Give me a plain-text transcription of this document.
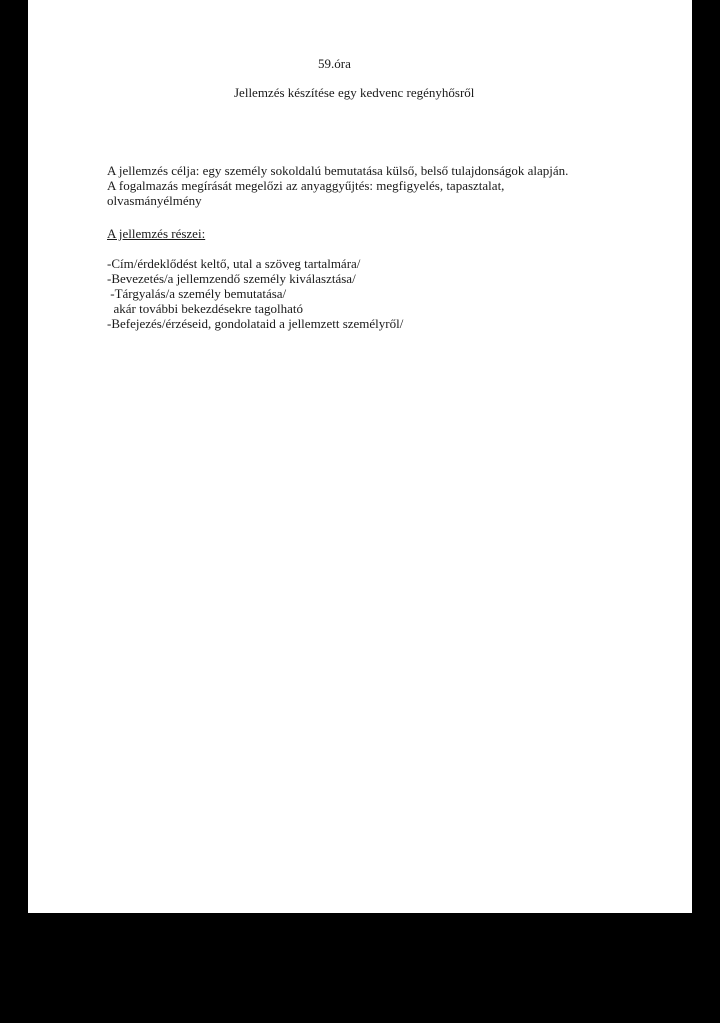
59.óra

Jellemzés készítése egy kedvenc regényhősről

A jellemzés célja: egy személy sokoldalú bemutatása külső, belső tulajdonságok alapján.

A fogalmazás megírását megelőzi az anyaggyűjtés: megfigyelés, tapasztalat,

olvasmányélmény

A jellemzés részei:

-Cím/érdeklődést keltő, utal a szöveg tartalmára/

-Bevezetés/a jellemzendő személy kiválasztása/

-Tárgyalás/a személy bemutatása/

akár további bekezdésekre tagolható

-Befejezés/érzéseid, gondolataid a jellemzett személyről/
